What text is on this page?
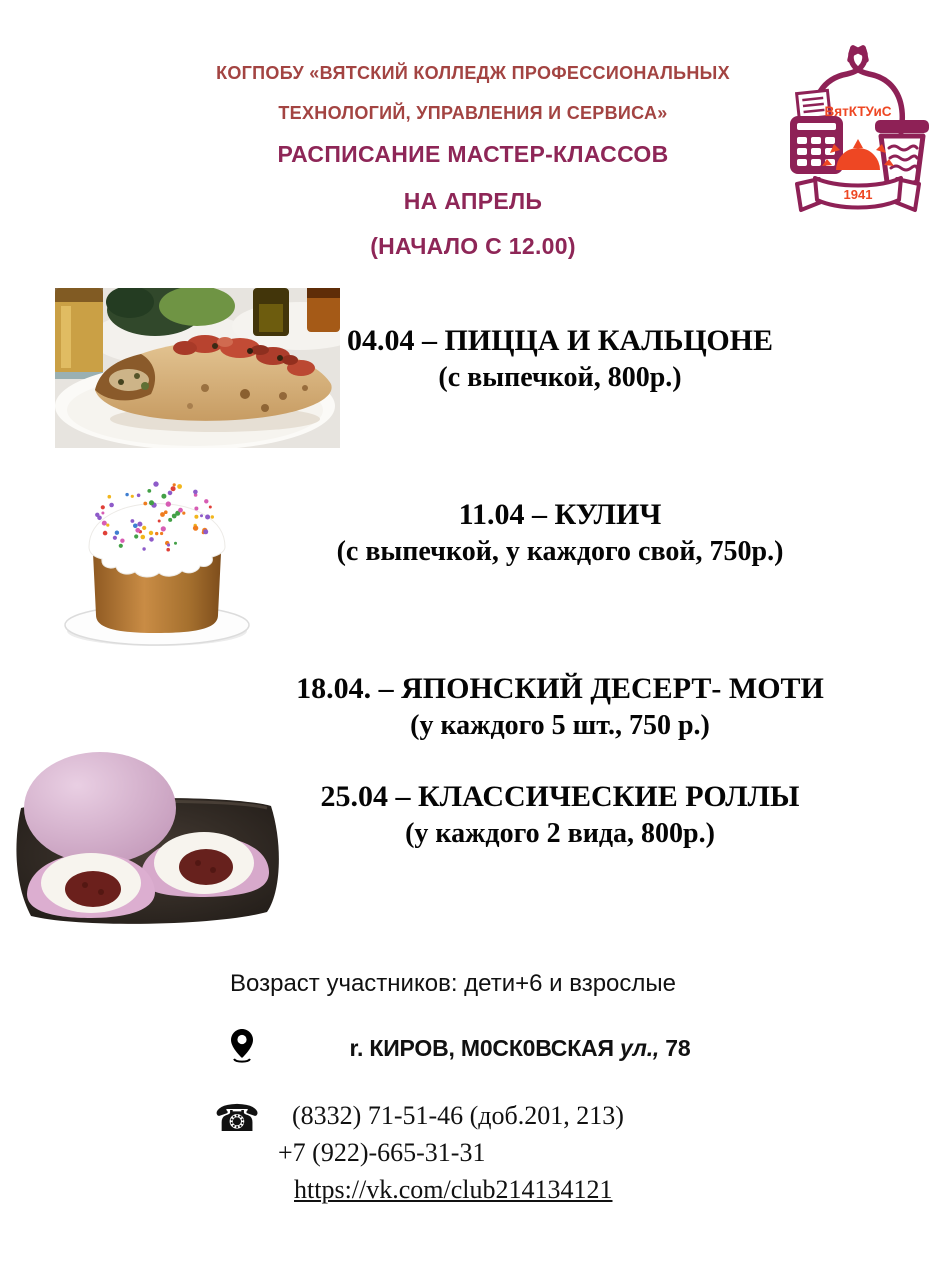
КОГПОБУ «ВЯТСКИЙ КОЛЛЕДЖ ПРОФЕССИОНАЛЬНЫХ
ТЕХНОЛОГИЙ, УПРАВЛЕНИЯ И СЕРВИСА»
РАСПИСАНИЕ МАСТЕР-КЛАССОВ
НА АПРЕЛЬ
(НАЧАЛО С 12.00)
ВятКТУиС
1941
04.04 – ПИЦЦА И КАЛЬЦОНЕ
(с выпечкой, 800р.)
11.04 – КУЛИЧ
(с выпечкой, у каждого свой, 750р.)
18.04. – ЯПОНСКИЙ ДЕСЕРТ- МОТИ
(у каждого 5 шт., 750 р.)
25.04 – КЛАССИЧЕСКИЕ РОЛЛЫ
(у каждого 2 вида, 800р.)
Возраст участников: дети+6 и взрослые
r. КИРОВ, М0СК0ВСКАЯ ул., 78
☎	(8332) 71-51-46 (доб.201, 213)
+7 (922)-665-31-31
https://vk.com/club214134121
